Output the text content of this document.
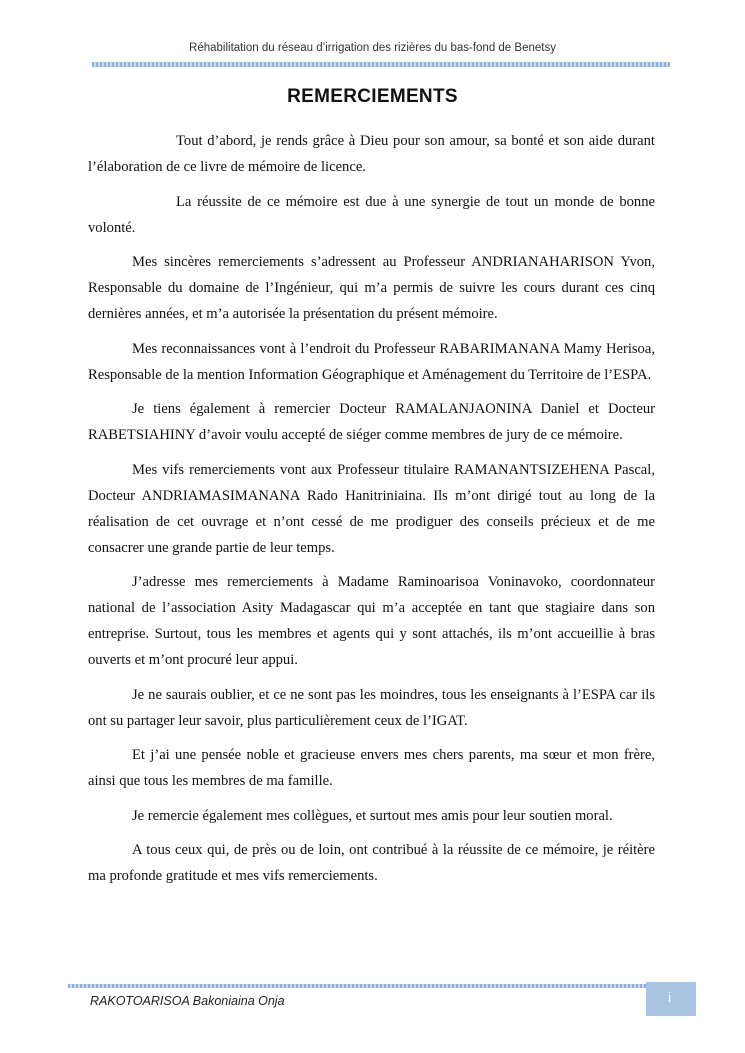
Réhabilitation du réseau d’irrigation des rizières du bas-fond de Benetsy
REMERCIEMENTS

Tout d’abord, je rends grâce à Dieu pour son amour, sa bonté et son aide durant l’élaboration de ce livre de mémoire de licence.

La réussite de ce mémoire est due à une synergie de tout un monde de bonne volonté.

Mes sincères remerciements s’adressent au Professeur ANDRIANAHARISON Yvon, Responsable du domaine de l’Ingénieur, qui m’a permis de suivre les cours durant ces cinq dernières années, et m’a autorisée la présentation du présent mémoire.

Mes reconnaissances vont à l’endroit du Professeur RABARIMANANA Mamy Herisoa, Responsable de la mention Information Géographique et Aménagement du Territoire de l’ESPA.

Je tiens également à remercier Docteur RAMALANJAONINA Daniel et Docteur RABETSIAHINY d’avoir voulu accepté de siéger comme membres de jury de ce mémoire.

Mes vifs remerciements vont aux Professeur titulaire RAMANANTSIZEHENA Pascal, Docteur ANDRIAMASIMANANA Rado Hanitriniaina. Ils m’ont dirigé tout au long de la réalisation de cet ouvrage et n’ont cessé de me prodiguer des conseils précieux et de me consacrer une grande partie de leur temps.

J’adresse mes remerciements à Madame Raminoarisoa Voninavoko, coordonnateur national de l’association Asity Madagascar qui m’a acceptée en tant que stagiaire dans son entreprise. Surtout, tous les membres et agents qui y sont attachés, ils m’ont accueillie à bras ouverts et m’ont procuré leur appui.

Je ne saurais oublier, et ce ne sont pas les moindres, tous les enseignants à l’ESPA car ils ont su partager leur savoir, plus particulièrement ceux de l’IGAT.

Et j’ai une pensée noble et gracieuse envers mes chers parents, ma sœur et mon frère, ainsi que tous les membres de ma famille.

Je remercie également mes collègues, et surtout mes amis pour leur soutien moral.

A tous ceux qui, de près ou de loin, ont contribué à la réussite de ce mémoire, je réitère ma profonde gratitude et mes vifs remerciements.

RAKOTOARISOA Bakoniaina Onja	i
